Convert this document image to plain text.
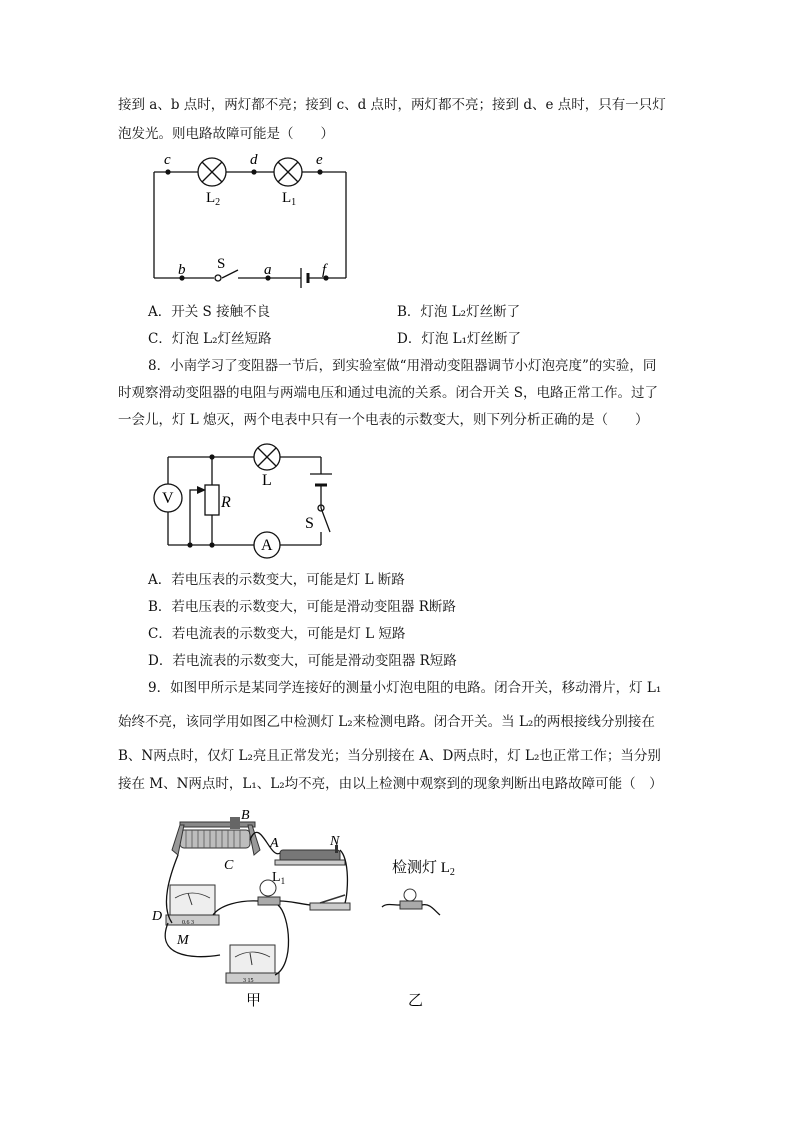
接到 a、b 点时，两灯都不亮；接到 c、d 点时，两灯都不亮；接到 d、e 点时，只有一只灯
泡发光。则电路故障可能是（　　）
c	d	e
$L_2$	$L_1$
b S	a	f
A．开关 S 接触不良	B．灯泡 L₂灯丝断了
C．灯泡 L₂灯丝短路	D．灯泡 L₁灯丝断了
8．小南学习了变阻器一节后，到实验室做“用滑动变阻器调节小灯泡亮度”的实验，同
时观察滑动变阻器的电阻与两端电压和通过电流的关系。闭合开关 S，电路正常工作。过了
一会儿，灯 L 熄灭，两个电表中只有一个电表的示数变大，则下列分析正确的是（　　）
V	R
L
S
A
A．若电压表的示数变大，可能是灯 L 断路
B．若电压表的示数变大，可能是滑动变阻器 R断路
C．若电流表的示数变大，可能是灯 L 短路
D．若电流表的示数变大，可能是滑动变阻器 R短路
9．如图甲所示是某同学连接好的测量小灯泡电阻的电路。闭合开关，移动滑片，灯 L₁
始终不亮，该同学用如图乙中检测灯 L₂来检测电路。闭合开关。当 L₂的两根接线分别接在
B、N两点时，仅灯 L₂亮且正常发光；当分别接在 A、D两点时，灯 L₂也正常工作；当分别
接在 M、N两点时，L₁、L₂均不亮，由以上检测中观察到的现象判断出电路故障可能（　）
0.6 3
3 15
B
A	N
C
D
M
$L_1$
甲
检测灯 $L_2$
乙
